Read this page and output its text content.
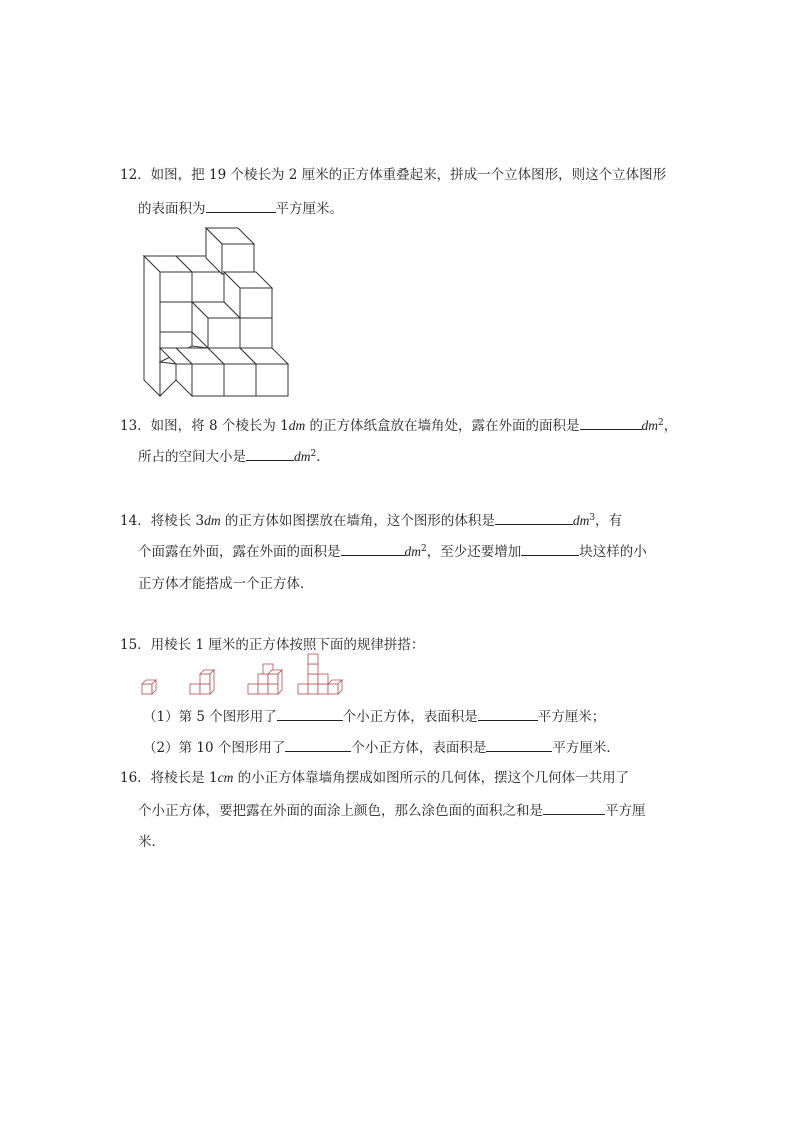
12．如图，把 19 个棱长为 2 厘米的正方体重叠起来，拼成一个立体图形，则这个立体图形
的表面积为	平方厘米。
13．如图，将 8 个棱长为 1dm 的正方体纸盒放在墙角处，露在外面的面积是	$dm^2$，
所占的空间大小是	$dm^2$．
14．将棱长 3dm 的正方体如图摆放在墙角，这个图形的体积是	$dm^3$，有
个面露在外面，露在外面的面积是	$dm^2$，至少还要增加	块这样的小
正方体才能搭成一个正方体．
15．用棱长 1 厘米的正方体按照下面的规律拼搭：
（1）第 5 个图形用了	个小正方体，表面积是	平方厘米；
（2）第 10 个图形用了	个小正方体，表面积是	平方厘米．
16．将棱长是 1cm 的小正方体靠墙角摆成如图所示的几何体，摆这个几何体一共用了
个小正方体，要把露在外面的面涂上颜色，那么涂色面的面积之和是	平方厘
米．
